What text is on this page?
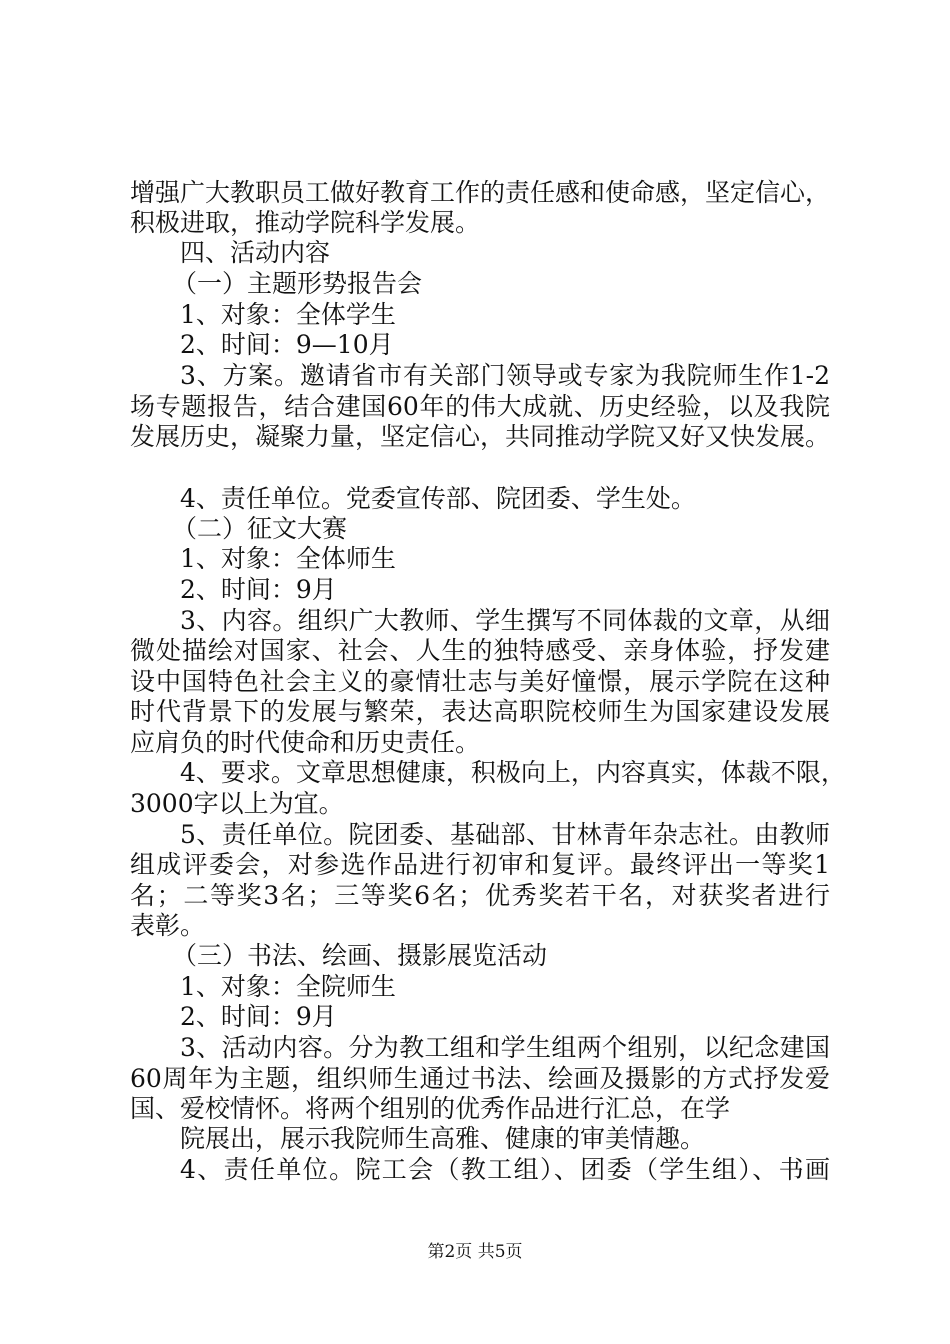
增强广大教职员工做好教育工作的责任感和使命感，坚定信心，
积极进取，推动学院科学发展。
四、活动内容
（一）主题形势报告会
1、对象：全体学生
2、时间：9—10月
3、方案。邀请省市有关部门领导或专家为我院师生作1-2
场专题报告，结合建国60年的伟大成就、历史经验，以及我院
发展历史，凝聚力量，坚定信心，共同推动学院又好又快发展。
4、责任单位。党委宣传部、院团委、学生处。
（二）征文大赛
1、对象：全体师生
2、时间：9月
3、内容。组织广大教师、学生撰写不同体裁的文章，从细
微处描绘对国家、社会、人生的独特感受、亲身体验，抒发建
设中国特色社会主义的豪情壮志与美好憧憬，展示学院在这种
时代背景下的发展与繁荣，表达高职院校师生为国家建设发展
应肩负的时代使命和历史责任。
4、要求。文章思想健康，积极向上，内容真实，体裁不限，
3000字以上为宜。
5、责任单位。院团委、基础部、甘林青年杂志社。由教师
组成评委会，对参选作品进行初审和复评。最终评出一等奖1
名；二等奖3名；三等奖6名；优秀奖若干名，对获奖者进行
表彰。
（三）书法、绘画、摄影展览活动
1、对象：全院师生
2、时间：9月
3、活动内容。分为教工组和学生组两个组别，以纪念建国
60周年为主题，组织师生通过书法、绘画及摄影的方式抒发爱
国、爱校情怀。将两个组别的优秀作品进行汇总，在学
院展出，展示我院师生高雅、健康的审美情趣。
4、责任单位。院工会（教工组）、团委（学生组）、书画
第2页 共5页
